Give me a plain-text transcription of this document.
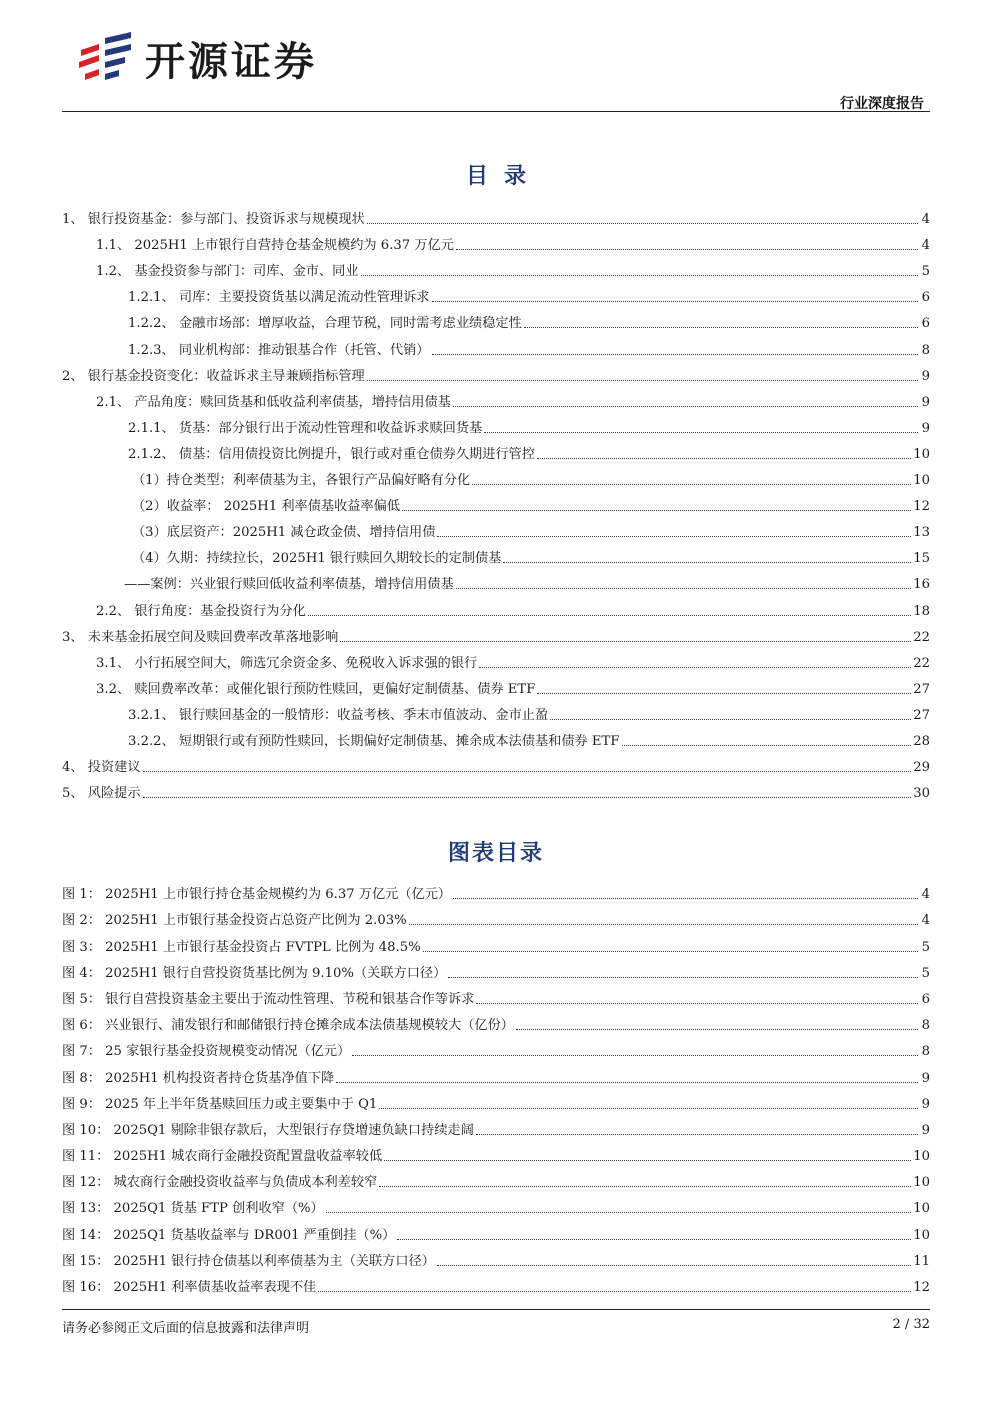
开源证券
行业深度报告
目录
1、 银行投资基金：参与部门、投资诉求与规模现状	4
1.1、 2025H1 上市银行自营持仓基金规模约为 6.37 万亿元	4
1.2、 基金投资参与部门：司库、金市、同业	5
1.2.1、 司库：主要投资货基以满足流动性管理诉求	6
1.2.2、 金融市场部：增厚收益，合理节税，同时需考虑业绩稳定性	6
1.2.3、 同业机构部：推动银基合作（托管、代销）	8
2、 银行基金投资变化：收益诉求主导兼顾指标管理	9
2.1、 产品角度：赎回货基和低收益利率债基，增持信用债基	9
2.1.1、 货基：部分银行出于流动性管理和收益诉求赎回货基	9
2.1.2、 债基：信用债投资比例提升，银行或对重仓债券久期进行管控	10
（1）持仓类型：利率债基为主，各银行产品偏好略有分化	10
（2）收益率： 2025H1 利率债基收益率偏低	12
（3）底层资产：2025H1 减仓政金债、增持信用债	13
（4）久期：持续拉长，2025H1 银行赎回久期较长的定制债基	15
——案例：兴业银行赎回低收益利率债基，增持信用债基	16
2.2、 银行角度：基金投资行为分化	18
3、 未来基金拓展空间及赎回费率改革落地影响	22
3.1、 小行拓展空间大，筛选冗余资金多、免税收入诉求强的银行	22
3.2、 赎回费率改革：或催化银行预防性赎回，更偏好定制债基、债券 ETF	27
3.2.1、 银行赎回基金的一般情形：收益考核、季末市值波动、金市止盈	27
3.2.2、 短期银行或有预防性赎回，长期偏好定制债基、摊余成本法债基和债券 ETF	28
4、 投资建议	29
5、 风险提示	30
图表目录
图 1： 2025H1 上市银行持仓基金规模约为 6.37 万亿元（亿元）	4
图 2： 2025H1 上市银行基金投资占总资产比例为 2.03%	4
图 3： 2025H1 上市银行基金投资占 FVTPL 比例为 48.5%	5
图 4： 2025H1 银行自营投资货基比例为 9.10%（关联方口径）	5
图 5： 银行自营投资基金主要出于流动性管理、节税和银基合作等诉求	6
图 6： 兴业银行、浦发银行和邮储银行持仓摊余成本法债基规模较大（亿份）	8
图 7： 25 家银行基金投资规模变动情况（亿元）	8
图 8： 2025H1 机构投资者持仓货基净值下降	9
图 9： 2025 年上半年货基赎回压力或主要集中于 Q1	9
图 10： 2025Q1 剔除非银存款后，大型银行存贷增速负缺口持续走阔	9
图 11： 2025H1 城农商行金融投资配置盘收益率较低	10
图 12： 城农商行金融投资收益率与负债成本利差较窄	10
图 13： 2025Q1 货基 FTP 创利收窄（%）	10
图 14： 2025Q1 货基收益率与 DR001 严重倒挂（%）	10
图 15： 2025H1 银行持仓债基以利率债基为主（关联方口径）	11
图 16： 2025H1 利率债基收益率表现不佳	12
请务必参阅正文后面的信息披露和法律声明	2 / 32
